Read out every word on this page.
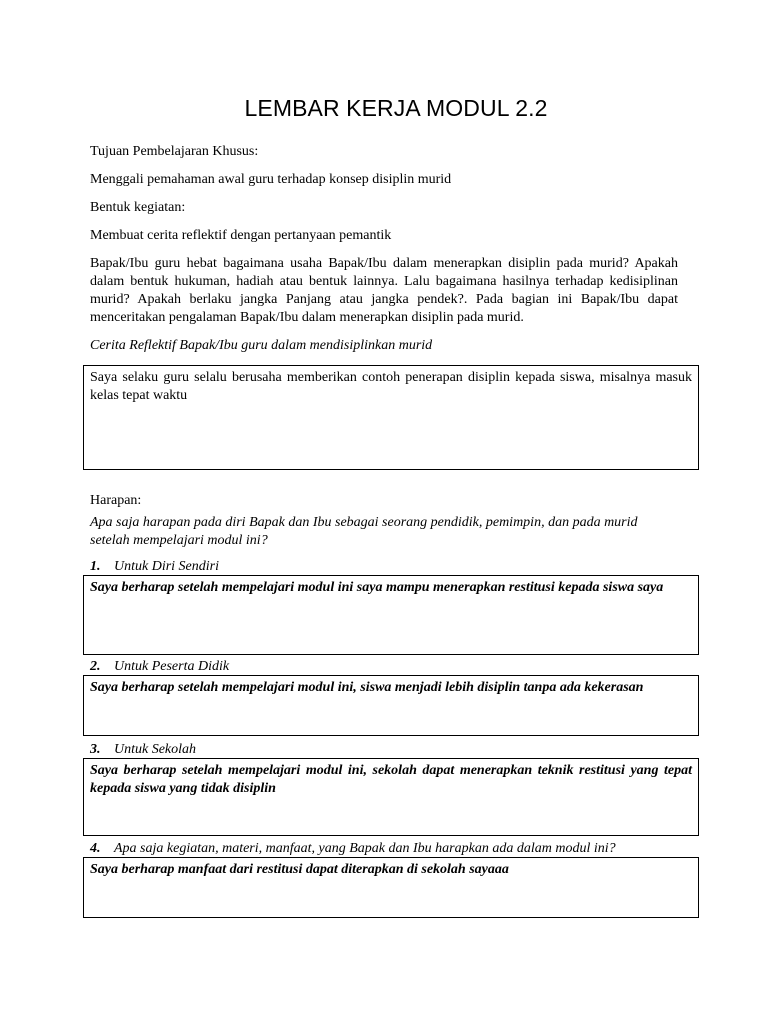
LEMBAR KERJA MODUL 2.2

Tujuan Pembelajaran Khusus:

Menggali pemahaman awal guru terhadap konsep disiplin murid

Bentuk kegiatan:

Membuat cerita reflektif dengan pertanyaan pemantik

Bapak/Ibu guru hebat bagaimana usaha Bapak/Ibu dalam menerapkan disiplin pada murid? Apakah dalam bentuk hukuman, hadiah atau bentuk lainnya. Lalu bagaimana hasilnya terhadap kedisiplinan murid? Apakah berlaku jangka Panjang atau jangka pendek?. Pada bagian ini Bapak/Ibu dapat menceritakan pengalaman Bapak/Ibu dalam menerapkan disiplin pada murid.

Cerita Reflektif Bapak/Ibu guru dalam mendisiplinkan murid

Saya selaku guru selalu berusaha memberikan contoh penerapan disiplin kepada siswa, misalnya masuk kelas tepat waktu

Harapan:

Apa saja harapan pada diri Bapak dan Ibu sebagai seorang pendidik, pemimpin, dan pada murid setelah mempelajari modul ini?

1. Untuk Diri Sendiri
Saya berharap setelah mempelajari modul ini saya mampu menerapkan restitusi kepada siswa saya
2. Untuk Peserta Didik
Saya berharap setelah mempelajari modul ini, siswa menjadi lebih disiplin tanpa ada kekerasan
3. Untuk Sekolah
Saya berharap setelah mempelajari modul ini, sekolah dapat menerapkan teknik restitusi yang tepat kepada siswa yang tidak disiplin
4. Apa saja kegiatan, materi, manfaat, yang Bapak dan Ibu harapkan ada dalam modul ini?
Saya berharap manfaat dari restitusi dapat diterapkan di sekolah sayaaa
